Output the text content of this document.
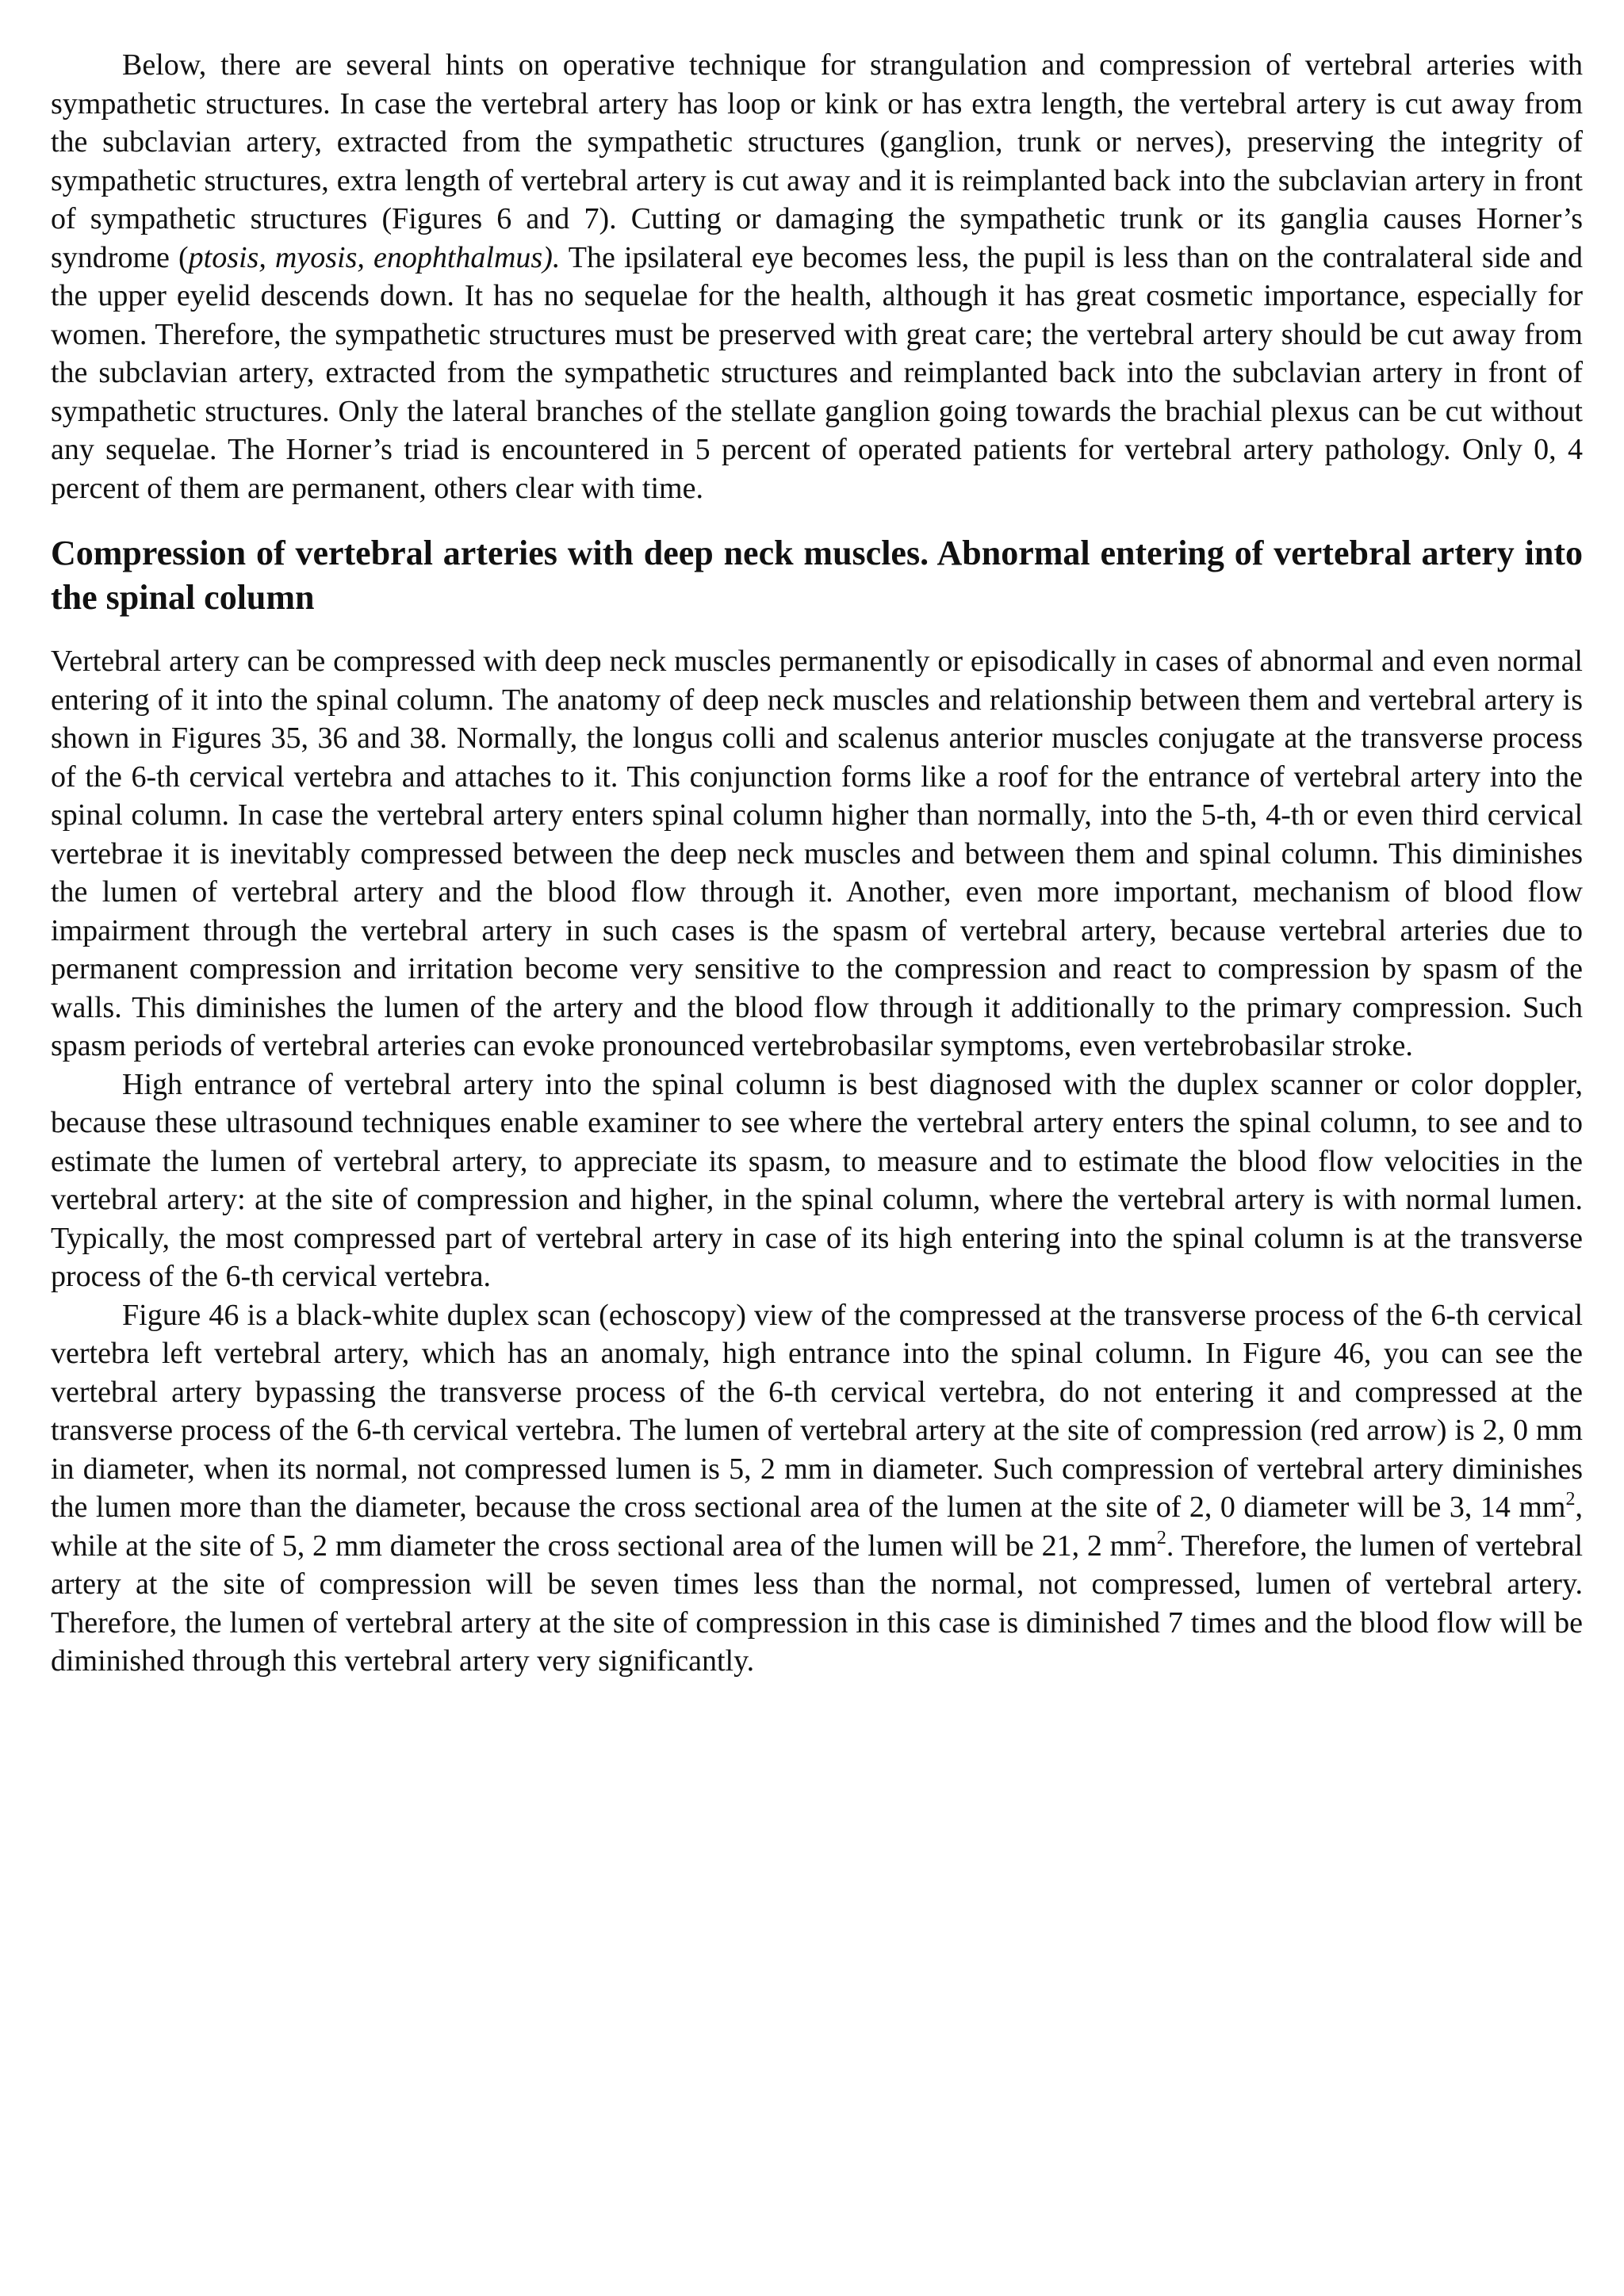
Below, there are several hints on operative technique for strangulation and compression of vertebral arteries with sympathetic structures. In case the vertebral artery has loop or kink or has extra length, the vertebral artery is cut away from the subclavian artery, extracted from the sympathetic structures (ganglion, trunk or nerves), preserving the integrity of sympathetic structures, extra length of vertebral artery is cut away and it is reimplanted back into the subclavian artery in front of sympathetic structures (Figures 6 and 7). Cutting or damaging the sympathetic trunk or its ganglia causes Horner’s syndrome (ptosis, myosis, enophthalmus). The ipsilateral eye becomes less, the pupil is less than on the contralateral side and the upper eyelid descends down. It has no sequelae for the health, although it has great cosmetic importance, especially for women. Therefore, the sympathetic structures must be preserved with great care; the vertebral artery should be cut away from the subclavian artery, extracted from the sympathetic structures and reimplanted back into the subclavian artery in front of sympathetic structures. Only the lateral branches of the stellate ganglion going towards the brachial plexus can be cut without any sequelae. The Horner’s triad is encountered in 5 percent of operated patients for vertebral artery pathology. Only 0, 4 percent of them are permanent, others clear with time.

Compression of vertebral arteries with deep neck muscles. Abnormal entering of vertebral artery into the spinal column

Vertebral artery can be compressed with deep neck muscles permanently or episodically in cases of abnormal and even normal entering of it into the spinal column. The anatomy of deep neck muscles and relationship between them and vertebral artery is shown in Figures 35, 36 and 38. Normally, the longus colli and scalenus anterior muscles conjugate at the transverse process of the 6-th cervical vertebra and attaches to it. This conjunction forms like a roof for the entrance of vertebral artery into the spinal column. In case the vertebral artery enters spinal column higher than normally, into the 5-th, 4-th or even third cervical vertebrae it is inevitably compressed between the deep neck muscles and between them and spinal column. This diminishes the lumen of vertebral artery and the blood flow through it. Another, even more important, mechanism of blood flow impairment through the vertebral artery in such cases is the spasm of vertebral artery, because vertebral arteries due to permanent compression and irritation become very sensitive to the compression and react to compression by spasm of the walls. This diminishes the lumen of the artery and the blood flow through it additionally to the primary compression. Such spasm periods of vertebral arteries can evoke pronounced vertebrobasilar symptoms, even vertebrobasilar stroke.

High entrance of vertebral artery into the spinal column is best diagnosed with the duplex scanner or color doppler, because these ultrasound techniques enable examiner to see where the vertebral artery enters the spinal column, to see and to estimate the lumen of vertebral artery, to appreciate its spasm, to measure and to estimate the blood flow velocities in the vertebral artery: at the site of compression and higher, in the spinal column, where the vertebral artery is with normal lumen. Typically, the most compressed part of vertebral artery in case of its high entering into the spinal column is at the transverse process of the 6-th cervical vertebra.

Figure 46 is a black-white duplex scan (echoscopy) view of the compressed at the transverse process of the 6-th cervical vertebra left vertebral artery, which has an anomaly, high entrance into the spinal column. In Figure 46, you can see the vertebral artery bypassing the transverse process of the 6-th cervical vertebra, do not entering it and compressed at the transverse process of the 6-th cervical vertebra. The lumen of vertebral artery at the site of compression (red arrow) is 2, 0 mm in diameter, when its normal, not compressed lumen is 5, 2 mm in diameter. Such compression of vertebral artery diminishes the lumen more than the diameter, because the cross sectional area of the lumen at the site of 2, 0 diameter will be 3, 14 $mm^2$, while at the site of 5, 2 mm diameter the cross sectional area of the lumen will be 21, 2 $mm^2$. Therefore, the lumen of vertebral artery at the site of compression will be seven times less than the normal, not compressed, lumen of vertebral artery. Therefore, the lumen of vertebral artery at the site of compression in this case is diminished 7 times and the blood flow will be diminished through this vertebral artery very significantly.
